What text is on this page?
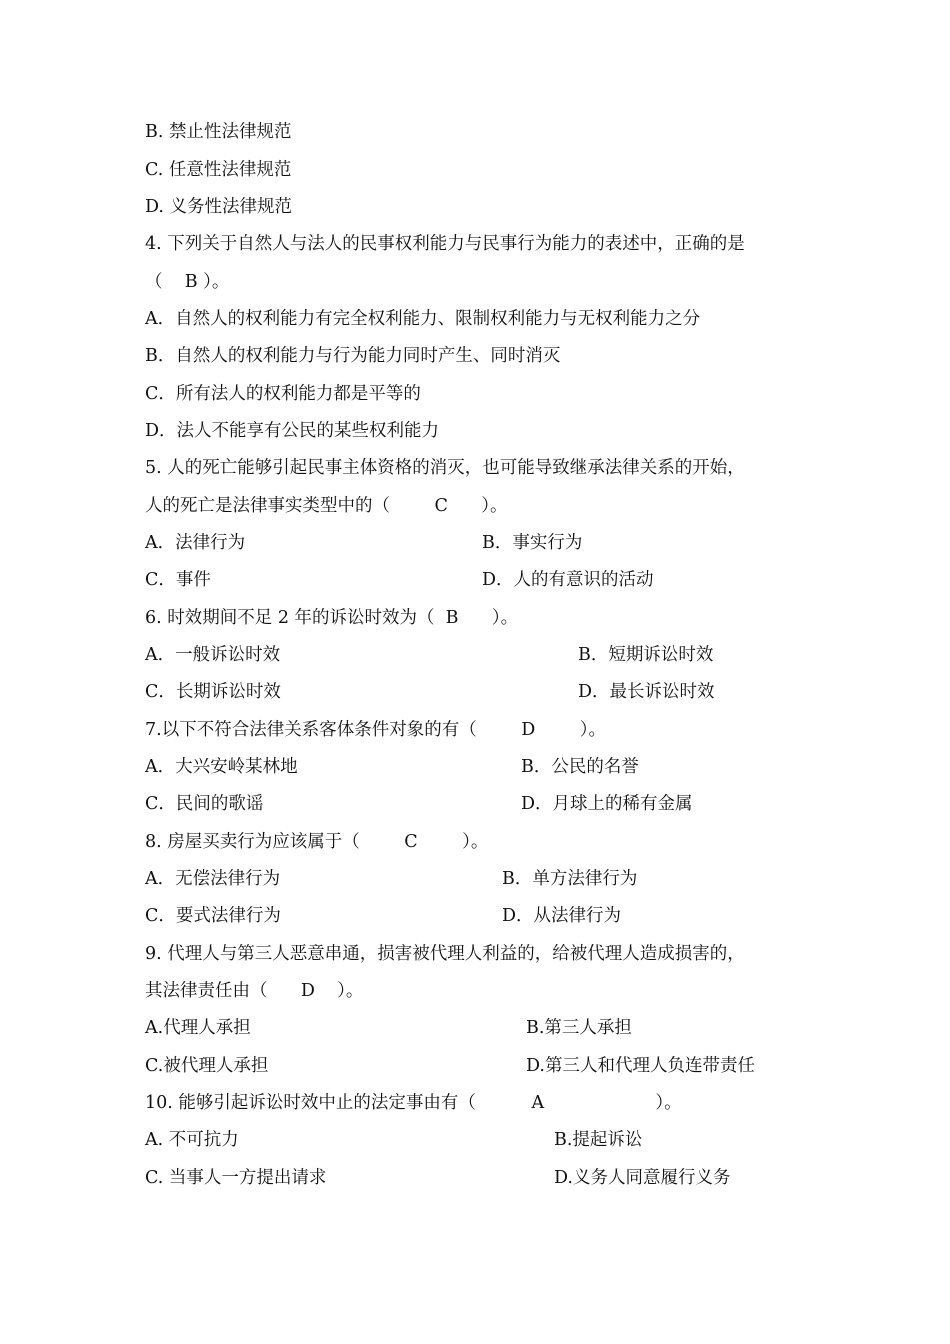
B. 禁止性法律规范
C. 任意性法律规范
D. 义务性法律规范
4. 下列关于自然人与法人的民事权利能力与民事行为能力的表述中，正确的是
（    B ）。
A．自然人的权利能力有完全权利能力、限制权利能力与无权利能力之分
B．自然人的权利能力与行为能力同时产生、同时消灭
C．所有法人的权利能力都是平等的
D．法人不能享有公民的某些权利能力
5. 人的死亡能够引起民事主体资格的消灭，也可能导致继承法律关系的开始，
人的死亡是法律事实类型中的（        C      ）。
A．法律行为	B．事实行为
C．事件	D．人的有意识的活动
6. 时效期间不足 2 年的诉讼时效为（  B      ）。
A．一般诉讼时效	B．短期诉讼时效
C．长期诉讼时效	D．最长诉讼时效
7.以下不符合法律关系客体条件对象的有（        D        ）。
A．大兴安岭某林地	B．公民的名誉
C．民间的歌谣	D．月球上的稀有金属
8. 房屋买卖行为应该属于（        C        ）。
A．无偿法律行为	B．单方法律行为
C．要式法律行为	D．从法律行为
9. 代理人与第三人恶意串通，损害被代理人利益的，给被代理人造成损害的，
其法律责任由（      D    ）。
A.代理人承担	B.第三人承担
C.被代理人承担	D.第三人和代理人负连带责任
10. 能够引起诉讼时效中止的法定事由有（          A                    ）。
A. 不可抗力	B.提起诉讼
C. 当事人一方提出请求	D.义务人同意履行义务
